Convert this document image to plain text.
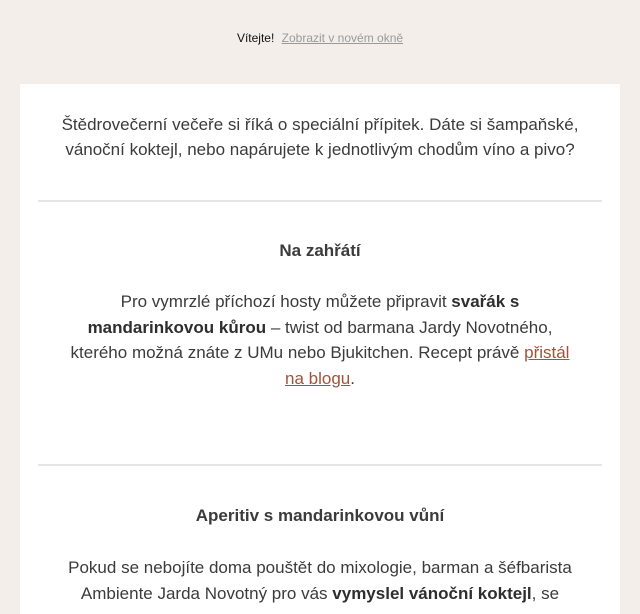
Vítejte! Zobrazit v novém okně
Štědrovečerní večeře si říká o speciální přípitek. Dáte si šampaňské, vánoční koktejl, nebo napárujete k jednotlivým chodům víno a pivo?
Na zahřátí
Pro vymrzlé příchozí hosty můžete připravit svařák s mandarinkovou kůrou – twist od barmana Jardy Novotného, kterého možná znáte z UMu nebo Bjukitchen. Recept právě přistál na blogu.
Aperitiv s mandarinkovou vůní
Pokud se nebojíte doma pouštět do mixologie, barman a šéfbarista Ambiente Jarda Novotný pro vás vymyslel vánoční koktejl, se
